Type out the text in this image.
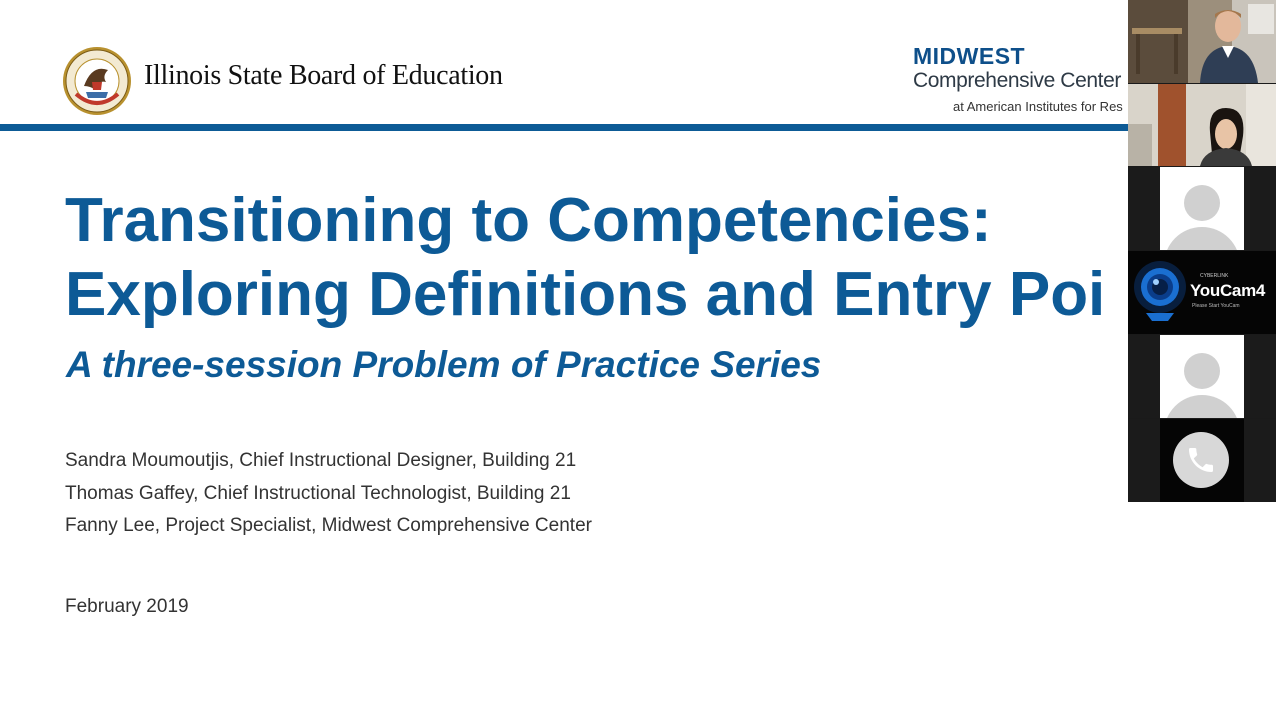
Illinois State Board of Education
MIDWEST
Comprehensive Center
at American Institutes for Res
Transitioning to Competencies:
Exploring Definitions and Entry Poi
A three-session Problem of Practice Series
Sandra Moumoutjis, Chief Instructional Designer, Building 21
Thomas Gaffey, Chief Instructional Technologist, Building 21
Fanny Lee, Project Specialist, Midwest Comprehensive Center
February 2019
CYBERLINK
YouCam4
Please Start YouCam
